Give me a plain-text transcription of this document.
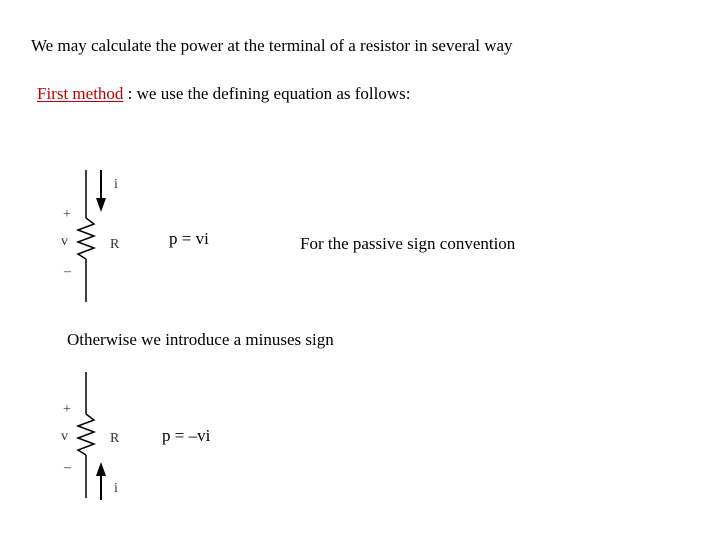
We may calculate the power at the terminal of a resistor in several way
First method : we use the defining equation as follows:
i
+
v	R
–
p = vi	For the passive sign convention
Otherwise we introduce a minuses sign
+
v	R
–
i
p = –vi
